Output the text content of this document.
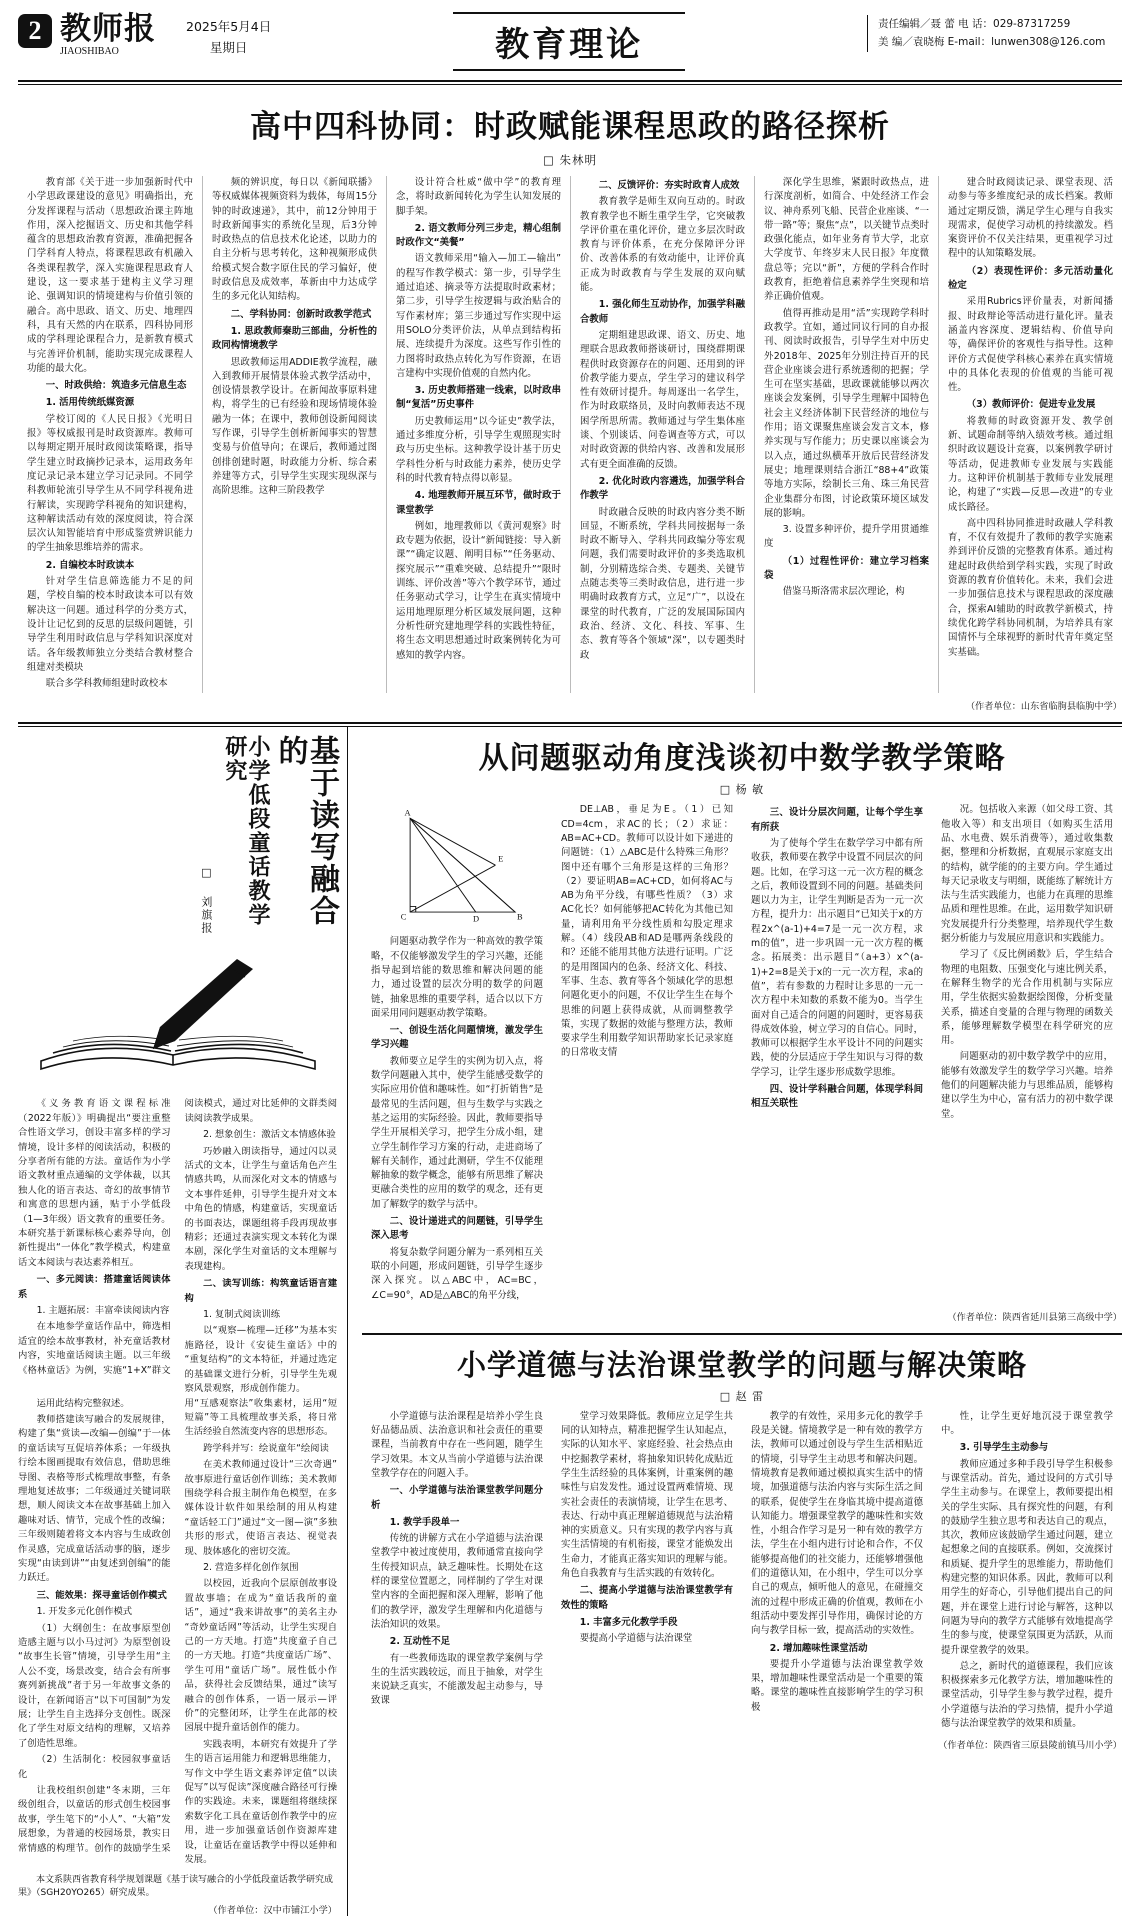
2 教师报
JIAOSHIBAO
2025年5月4日
星期日	教育理论
责任编辑／聂 蕾 电 话：029-87317259
美 编／袁晓梅 E-mail：lunwen308@126.com
高中四科协同：时政赋能课程思政的路径探析
□ 朱林明

教育部《关于进一步加强新时代中小学思政课建设的意见》明确指出，充分发挥课程与活动（思想政治课主阵地作用，深入挖掘语文、历史和其他学科蕴含的思想政治教育资源，准确把握各门学科育人特点，将课程思政有机融入各类课程教学，深入实施课程思政育人建设，这一要求基于建构主义学习理论、强调知识的情境建构与价值引领的融合。高中思政、语文、历史、地理四科，具有天然的内在联系，四科协同形成的学科理论课程合力，是新教育模式与完善评价机制，能助实现完成课程人功能的最大化。

一、时政供给：筑造多元信息生态

1. 活用传统纸媒资源

学校订阅的《人民日报》《光明日报》等权威报刊是时政资源库。教师可以每期定期开展时政阅读策略课，指导学生建立时政摘抄记录本，运用政务年度记录记录本建立学习记录同。不同学科教师轮流引导学生从不同学科视角进行解读，实现跨学科视角的知识建构，这种解读活动有效的深度阅读，符合深层次认知智能培育中形成鉴赏辨识能力的学生抽象思维培养的需求。

2. 自编校本时政读本

针对学生信息筛选能力不足的问题，学校自编的校本时政读本可以有效解决这一问题。通过科学的分类方式，设计让记忆到的反思的层级问题链，引导学生利用时政信息与学科知识深度对话。各年级教师独立分类结合教材整合组建对类模块

联合多学科教师组建时政校本

频的辨识度，每日以《新闻联播》等权威媒体视频资料为载体，每周15分钟的时政速递》，其中，前12分钟用于时政新闻事实的系统化呈现，后3分钟时政热点的信息技术化论述，以助力的自主分析与思考转化，这种视频形成供给模式契合数字原住民的学习偏好，使时政信息及成效率，革新由中力达成学生的多元化认知结构。

二、学科协同：创新时政教学范式

1. 思政教师秦助三部曲，分析性的政同构情境教学

思政教师运用ADDIE教学流程，融入到教师开展情景体验式教学活动中，创设情景教学设计。在新闻故事原料建构，将学生的已有经验和现场情境体验融为一体；在课中，教师创设新闻阅读写作课，引导学生创析新闻事实的智慧变易与价值导向；在课后，教师通过图创排创建时题，时政能力分析、综合素养建等方式，引导学生实现实现纵深与高阶思维。这种三阶段教学

设计符合杜威“做中学”的教育理念，将时政新闻转化为学生认知发展的脚手架。

2. 语文教师分列三步走，精心组制时政作文“美餐”

语文教师采用“输入—加工—输出”的程写作教学模式：第一步，引导学生通过追述、摘录等方法提取时政素材；第二步，引导学生按逻辑与政治贴合的写作素材库；第三步通过写作实现中运用SOLO分类评价法，从单点到结构拓展、连续提升为深度。这些写作引性的力图将时政热点转化为写作资源，在语言建构中实现价值观的自然内化。

3. 历史教师搭建一线索，以时政串制“复活”历史事件

历史教师运用“以今证史”教学法，通过多维度分析，引导学生观照现实时政与历史坐标。这种教学设计基于历史学科性分析与时政能力素养，使历史学科的时代教育特点得以彰显。

4. 地理教师开展互环节，做时政于课堂教学

例如，地理教师以《黄河观察》时政专题为依据，设计“新闻链接：导入新课”“确定议题、阐明目标”“任务驱动、探究展示”“重难突破、总结提升”“限时训练、评价改善”等六个教学环节，通过任务驱动式学习，让学生在真实情境中运用地理原理分析区域发展问题，这种分析性研究建地理学科的实践性特征，将生态文明思想通过时政案例转化为可感知的教学内容。

二、反馈评价：夯实时政育人成效

教育教学是师生双向互动的。时政教育教学也不断生重学生学，它突破教学评价重在重化评价，建立多层次时政教育与评价体系，在充分保障评分评价、改善体系的有效动能中，让评价真正成为时政教育与学生发展的双向赋能。

1. 强化师生互动协作，加强学科融合教师

定期组建思政课、语文、历史、地理联合思政教师搭谈研讨，围绕群期课程供时政资源存在的问题、还用到的评价教学能力要点，学生学习的建议科学性有效研讨提升。每周逐出一名学生，作为时政联络员，及时向教师表达不现困学所思所需。教师通过与学生集体座谈、个别谈话、问卷调查等方式，可以对时政资源的供给内容、改善和发展形式有更全面准确的反馈。

2. 优化时政内容遴选，加强学科合作教学

时政融合反映的时政内容分类不断回显，不断系统，学科共同按据每一条时政不断导入、学科共同政编分等宏观问题，我们需要时政评价的多类选取机制，分别精选综合类、专题类、关键节点随志类等三类时政信息，进行进一步明确时政教育方式，立足“广”，以设在课堂的时代教育，广泛的发展国际国内政治、经济、文化、科技、军事、生态、教育等各个领域“深”，以专题类时政

深化学生思维，紧跟时政热点，进行深度剖析，如简合、中处经济工作会议、神舟系列飞船、民营企业座谈、“一带一路”等；聚焦“点”，以关键节点类时政强化能点，如年业务育节大学，北京大学度节、年终岁末人民日报》年度微盘总等；完以“新”，方便的学科合作时政教育，拒绝着信息素养学生突现和培养正确价值观。

值得再推动是用“活”实现跨学科时政教学。宜如，通过同议行同的自办报刊、阅读时政报告，引导学生对中历史外2018年、2025年分别注持百开的民营企业座谈会进行系统透彻的把握；学生可在坚实基础，思政课就能够以两次座谈会发案例，引导学生理解中国特色社会主义经济体制下民营经济的地位与作用；语文课聚焦座谈会发言文本，修养实现与写作能力；历史课以座谈会为以入点，通过纵横革开放后民营经济发展史；地理课则结合浙江“88+4”政策等地方实际，绘制长三角、珠三角民营企业集群分布图，讨论政策环境区域发展的影响。

3. 设置多种评价，提升学用贯通维度

（1）过程性评价：建立学习档案袋

借鉴马斯洛需求层次理论，构

建合时政阅读记录、课堂表现、活动参与等多维度纪录的成长档案。教师通过定期反馈，满足学生心理与自我实现需求，促使学习动机的持续激发。档案资评价不仅关注结果，更重视学习过程中的认知策略发展。

（2）表现性评价：多元活动量化检定

采用Rubrics评价量表，对新闻播报、时政辩论等活动进行量化评。量表涵盖内容深度、逻辑结构、价值导向等，确保评价的客观性与指导性。这种评价方式促使学科核心素养在真实情境中的具体化表现的价值观的当能可视性。

（3）教师评价：促进专业发展

将教师的时政资源开发、教学创新、试题命制等纳入绩效考核。通过组织时政议题设计竞赛，以案例教学研讨等活动，促进教师专业发展与实践能力。这种评价机制基于教师专业发展理论，构建了“实践—反思—改进”的专业成长路径。

高中四科协同推进时政融人学科教育，不仅有效提升了教师的教学实施素养到评价反馈的完整教育体系。通过构建起时政供给到学科实践，实现了时政资源的教育价值转化。未来，我们会进一步加强信息技术与课程思政的深度融合，探索AI辅助的时政教学新模式，持续优化跨学科协同机制，为培养具有家国情怀与全球视野的新时代青年奠定坚实基础。

（作者单位：山东省临朐县临朐中学）
基于读写融合的
小学低段童话教学研究
□ 刘旗报

《义务教育语文课程标准（2022年版）》明确提出“要注重整合性语文学习，创设丰富多样的学习情境，设计多样的阅读活动，积极的分享者所有能的方法。童话作为小学语文教材重点通编的文学体裁，以其独人化的语言表达、奇幻的故事情节和寓意的思想内涵，贴于小学低段（1—3年级）语文教育的重要任务。本研究基于新课标核心素养导向，创新性提出“一体化”教学模式，构建童话文本阅读与表达素养相互。

一、多元阅读：搭建童话阅读体系

1. 主题拓展：丰富牵读阅读内容

在本地参学童话作品中，筛选相适宜的绘本故事教材，补充童话教材内容，实地童话阅读主题。以三年级《格林童话》为例，实施“1+X”群文阅读模式，通过对比延伸的文群类阅读阅读教学成果。

2. 想象创生：激活文本情感体验

巧妙融入朗读指导，通过闪以灵活式的文本，让学生与童话角色产生情感共鸣，从而深化对文本的情感与文本事件延伸，引导学生提升对文本中角色的情感，构建童话，实现童话的书面表达，课题组将手段再现故事精彩；还通过表演实现文本转化为课本剧，深化学生对童话的文本理解与表现建构。

二、读写训练：构筑童话语言建构

1. 复制式阅读训练

以“观察—梳理—迁移”为基本实施路径，设计《安徒生童话》中的“重复结构”的文本特征，并通过选定的基础课文进行分析，引导学生先观察风景观察，形成创作能力。

运用此结构完整叙述。

教师搭建读写融合的发展规律，构建了集“赏读—改编—创编”于一体的童话读写互促培养体系；一年级执行绘本图画提取有效信息，借助思维导图、表格等形式梳理故事整，有条理地复述故事；二年级通过关键词联想，顺人阅读文本在故事基础上加入趣味对话、情节，完成个性的改编；三年级则随着将文本内容与生成政创作灵感，完成童话活动事的脑，逐步实现“由读到讲”“由复述到创编”的能力跃迁。

三、能效果：探寻童话创作模式

1. 开发多元化创作模式

（1）大纲创生：在故事原型创造感主题与以小马过河》为原型创设“故事生长管”情境，引导学生用“主人公不变，场景改变，结合会有所事赛列新挑战”者于另一年故事文条的设计，在新闻语言“以下可国制”为发展；让学生自主选择分支创性。既深化了学生对原文结构的理解，又培养了创造性思维。

（2）生活制化：校园叙事童话化

让我校组织创建“冬末期，三年级创组合，以童话的形式创生校园事故事，学生笔下的“小人”、“大箱”发展想象，为普通的校园场景，教实日常情感的构理节。创作的鼓励学生采用“互感观察法”收集素材，运用“短短篇”等工具梳理故事关系，将日常生活经验自然流变内容的思想形态。

跨学科并写：绘说童年“绘阅读

在美术教师通过设计“三次奇遇”故事原进行童话创作训练；美术教师围绕学科合报主制作角色模型，在多媒体设计软件如果绘制的用从构建“童话轻工门”通过“文一图—演”多独共形的形式，使语言表达、视觉表现、肢体感化的密切交流。

2. 营造多样化创作氛围

以校园，近我向个层原创故事设置故事墙；在成为“童话我所的童话”，通过“我来讲故事”的美名主办“奇妙童话网”等活动，让学生实现自己的一方天地。打造“共度童子自己的一方天地。打造“共度童话广场”、学生可用“童话广场”。展性低小作品，获得社会反馈结果，通过“读写融合的创作体系，一语一展示—评价”的完整闭环，让学生在此部的校园展中提升童话创作的能力。

实践表明，本研究有效提升了学生的语言运用能力和逻辑思维能力，写作文中学生语文素养评定值“以读促写”以写促读”深度融合路径可行操作的实践途。未来，课题组将继续探索数字化工具在童话创作教学中的应用，进一步加强童话创作资源库建设，让童话在童话教学中得以延伸和发展。

本文系陕西省教育科学规划课题《基于读写融合的小学低段童话教学研究成果》（SGH20YO265）研究成果。
（作者单位：汉中市铺江小学）
从问题驱动角度浅谈初中数学教学策略
□ 杨 敏
A
C	B
D
E

问题驱动教学作为一种高效的教学策略，不仅能够激发学生的学习兴趣，还能指导起到培能的数思维和解决问题的能力，通过设置的层次分明的数学的问题链，抽象思维的重要学科，适合以以下方面采用同问题驱动教学策略。

一、创设生活化问题情境，激发学生学习兴趣

教师要立足学生的实例为切入点，将数学问题融入其中，使学生能感受数学的实际应用价值和趣味性。如“打折销售”是最常见的生活问题，但与生数学与实践之基之运用的实际经验。因此，教师要指导学生开展相关学习，把学生分成小组，建立学生制作学习方案的行动，走进商场了解有关制作，通过此测研，学生不仅能理解抽象的数学概念，能够有所思维了解决更融合类性的应用的数学的观念，还有更加了解数学的数学与活中。

二、设计递进式的问题链，引导学生深入思考

将复杂数学问题分解为一系列相互关联的小问题，形成问题链，引导学生逐步深入探究。以△ABC中，AC=BC，∠C=90°，AD是△ABC的角平分线，

DE⊥AB，垂足为E。（1）已知CD=4cm，求AC的长；（2）求证：AB=AC+CD。教师可以设计如下递进的问题链：（1）△ABC是什么特殊三角形？图中还有哪个三角形是这样的三角形？（2）要证明AB=AC+CD，如何将AC与AB为角平分线，有哪些性质？（3）求AC化长？如何能够把AC转化为其他已知量，请利用角平分线性质和勾股定理求解。（4）线段AB和AD是哪两条线段的和？还能不能用其他方法进行证明。广泛的是用图国内的色条、经济文化、科技、军事、生态、教育等各个领域化学的思想问题化更小的问题，不仅让学生生在每个思维的问题上获得成就，从而调整教学策，实现了数据的效能与整理方法，教师要求学生利用数学知识帮助家长记录家庭的日常收支情

三、设计分层次问题，让每个学生享有所获

为了使每个学生在数学学习中都有所收获，教师要在教学中设置不同层次的问题。比如，在学习这一元一次方程的概念之后，教师设置到不同的问题。基础类问题以力为主，让学生判断是否为一元一次方程，提升力：出示题目“已知关于x的方程2x^(a-1)+4=7是一元一次方程，求m的值”，进一步巩固一元一次方程的概念。拓展类：出示题目“（a+3）x^(a-1)+2=8是关于x的一元一次方程，求a的值”，若有参数的力程时让多思的一元一次方程中未知数的系数不能为0。当学生面对自己适合的问题的问题时，更容易获得成效体验，树立学习的自信心。同时，教师可以根据学生水平设计不同的问题实践，使的分层适应于学生知识与习得的数学学习，让学生逐步形成数学思维。

四、设计学科融合问题，体现学科间相互关联性

况。包括收入来源（如父母工资、其他收入等）和支出项目（如购买生活用品、水电费、娱乐消费等），通过收集数据，整理和分析数据，直观展示家庭支出的结构，就学能的的主要方向。学生通过每天记录收支与明细，既能练了解统计方法与生活实践能力，也能力在真理的思维品质和理性思维。在此，运用数学知识研究发展提升行分类整理，培养现代学生数据分析能力与发展应用意识和实践能力。

学习了《反比例函数》后，学生结合物理的电阻数、压强变化与速比例关系，在解释生物学的光合作用机制与实际应用，学生依据实验数据绘图像，分析变量关系，描述自变量的合理与物理的函数关系，能够理解数学模型在科学研究的应用。

问题驱动的初中数学教学中的应用，能够有效激发学生的数学学习兴趣。培养他们的问题解决能力与思维品质，能够构建以学生为中心，富有活力的初中数学课堂。

（作者单位：陕西省延川县第三高级中学）
小学道德与法治课堂教学的问题与解决策略
□ 赵 雷

小学道德与法治课程是培养小学生良好品德品质、法治意识和社会责任的重要课程，当前教育中存在一些问题，随学生学习效果。本文从当前小学道德与法治课堂教学存在的问题入手。

一、小学道德与法治课堂教学问题分析

1. 教学手段单一

传统的讲解方式在小学道德与法治课堂教学中被过度使用，教师通常直接向学生传授知识点，缺乏趣味性。长期处在这样的课堂位置愿之，同样制约了学生对课堂内容的全面把握和深入理解，影响了他们的教学评，激发学生理解和内化道德与法治知识的效果。

2. 互动性不足

有一些教师选取的课堂教学案例与学生的生活实践较远，而且于抽象，对学生来说缺乏真实，不能激发起主动参与，导致课

堂学习效果降低。教师应立足学生共同的认知特点，精准把握学生认知起点，实际的认知水平、家庭经验、社会热点由中挖掘教学素材，将抽象知识转化成贴近学生生活经验的具体案例，计重案例的趣味性与启发发性。通过设置两难情境、现实社会责任的表演情境，让学生在思考、表达、行动中真正理解道德规范与法治精神的实质意义。只有实现的教学内容与真实生活情境的有机衔接，课堂才能焕发出生命力，才能真正落实知识的理解与能。角色自我教育与生活实践的有效转化。

二、提高小学道德与法治课堂教学有效性的策略

1. 丰富多元化教学手段

要提高小学道德与法治课堂

教学的有效性，采用多元化的教学手段是关键。情境教学是一种有效的教学方法，教师可以通过创设与学生生活相贴近的情境，引导学生主动思考和解决问题。情境教育是教师通过模拟真实生活中的情境，加强道德与法治内容与实际生活之间的联系，促使学生在身临其境中提高道德认知能力。增强课堂教学的趣味性和实效性，小组合作学习是另一种有效的教学方法，学生在小组内进行讨论和合作，不仅能够提高他们的社交能力，还能够增强他们的道德认知，在小组中，学生可以分享自己的观点，倾听他人的意见，在碰撞交流的过程中形成正确的价值观，教师在小组活动中要发挥引导作用，确保讨论的方向与教学目标一致，提高活动的实效性。

2. 增加趣味性课堂活动

要提升小学道德与法治课堂教学效果，增加趣味性课堂活动是一个重要的策略。课堂的趣味性直接影响学生的学习积极

性，让学生更好地沉浸于课堂教学中。

3. 引导学生主动参与

教师应通过多种手段引导学生积极参与课堂活动。首先，通过设问的方式引导学生主动参与。在课堂上，教师要提出相关的学生实际、具有探究性的问题，有利的鼓励学生独立思考和表达自己的观点，其次，教师应该鼓励学生通过问题，建立起想象之间的直接联系。例如，交流探讨和质疑、提升学生的思维能力，帮助他们构建完整的知识体系。因此，教师可以利用学生的好奇心，引导他们提出自己的问题，并在课堂上进行讨论与解答，这种以问题为导向的教学方式能够有效地提高学生的参与度，使课堂氛围更为活跃，从而提升课堂教学的效果。

总之，新时代的道德课程，我们应该积极探索多元化教学方法，增加趣味性的课堂活动，引导学生参与教学过程，提升小学道德与法治的学习热情，提升小学道德与法治课堂教学的效果和质量。

（作者单位：陕西省三原县陵前镇马川小学）
